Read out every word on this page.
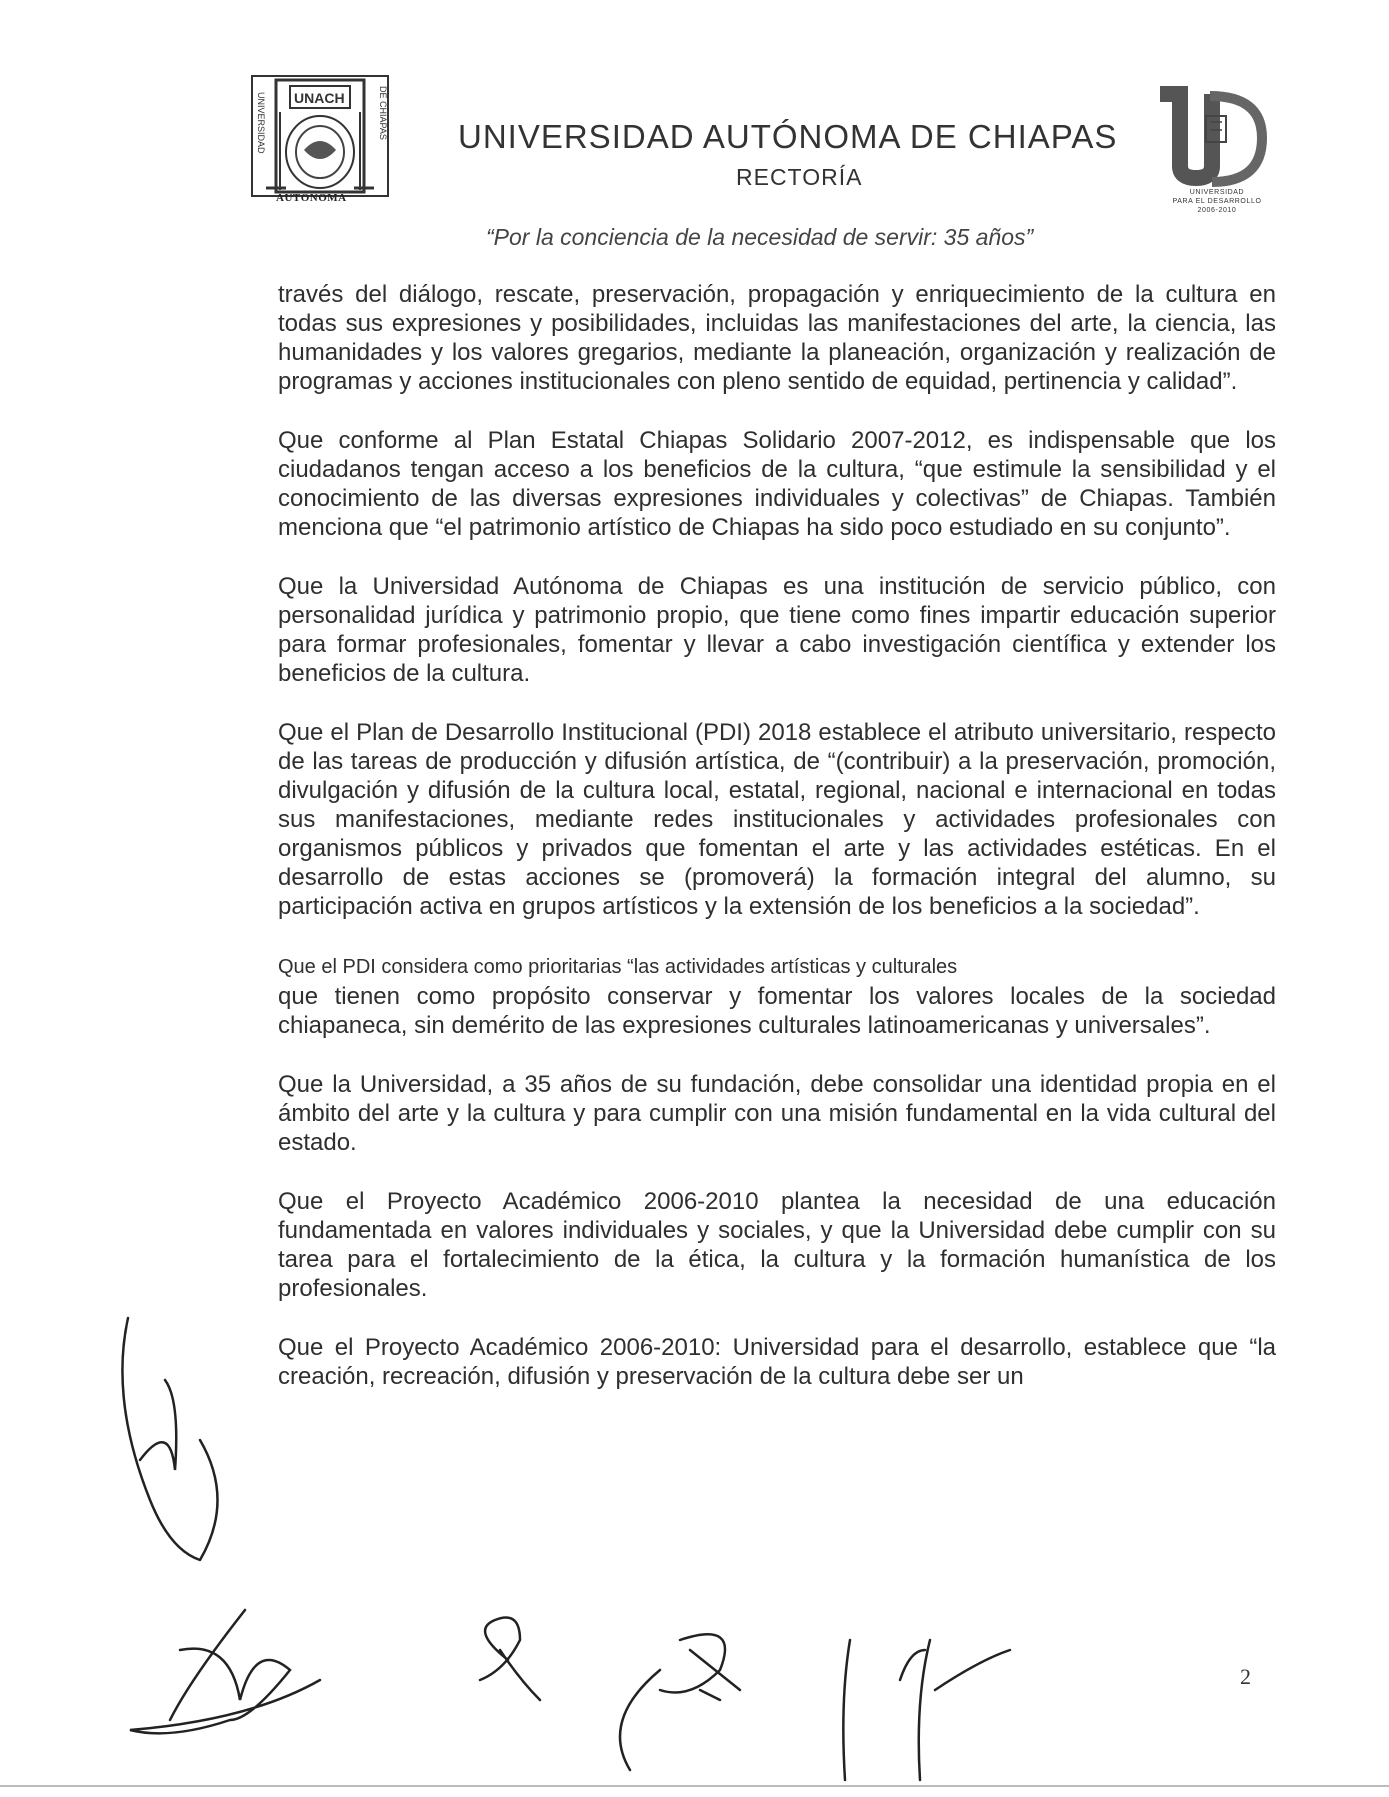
UNIVERSIDAD	DE CHIAPAS
UNACH
AUTÓNOMA
UNIVERSIDAD AUTÓNOMA DE CHIAPAS
RECTORÍA
UNIVERSIDAD
PARA EL DESARROLLO
2006-2010
“Por la conciencia de la necesidad de servir: 35 años”

través del diálogo, rescate, preservación, propagación y enriquecimiento de la cultura en todas sus expresiones y posibilidades, incluidas las manifestaciones del arte, la ciencia, las humanidades y los valores gregarios, mediante la planeación, organización y realización de programas y acciones institucionales con pleno sentido de equidad, pertinencia y calidad”.

Que conforme al Plan Estatal Chiapas Solidario 2007-2012, es indispensable que los ciudadanos tengan acceso a los beneficios de la cultura, “que estimule la sensibilidad y el conocimiento de las diversas expresiones individuales y colectivas” de Chiapas. También menciona que “el patrimonio artístico de Chiapas ha sido poco estudiado en su conjunto”.

Que la Universidad Autónoma de Chiapas es una institución de servicio público, con personalidad jurídica y patrimonio propio, que tiene como fines impartir educación superior para formar profesionales, fomentar y llevar a cabo investigación científica y extender los beneficios de la cultura.

Que el Plan de Desarrollo Institucional (PDI) 2018 establece el atributo universitario, respecto de las tareas de producción y difusión artística, de “(contribuir) a la preservación, promoción, divulgación y difusión de la cultura local, estatal, regional, nacional e internacional en todas sus manifestaciones, mediante redes institucionales y actividades profesionales con organismos públicos y privados que fomentan el arte y las actividades estéticas. En el desarrollo de estas acciones se (promoverá) la formación integral del alumno, su participación activa en grupos artísticos y la extensión de los beneficios a la sociedad”.

Que el PDI considera como prioritarias “las actividades artísticas y culturales
que tienen como propósito conservar y fomentar los valores locales de la sociedad chiapaneca, sin demérito de las expresiones culturales latinoamericanas y universales”.

Que la Universidad, a 35 años de su fundación, debe consolidar una identidad propia en el ámbito del arte y la cultura y para cumplir con una misión fundamental en la vida cultural del estado.

Que el Proyecto Académico 2006-2010 plantea la necesidad de una educación fundamentada en valores individuales y sociales, y que la Universidad debe cumplir con su tarea para el fortalecimiento de la ética, la cultura y la formación humanística de los profesionales.

Que el Proyecto Académico 2006-2010: Universidad para el desarrollo, establece que “la creación, recreación, difusión y preservación de la cultura debe ser un

2
